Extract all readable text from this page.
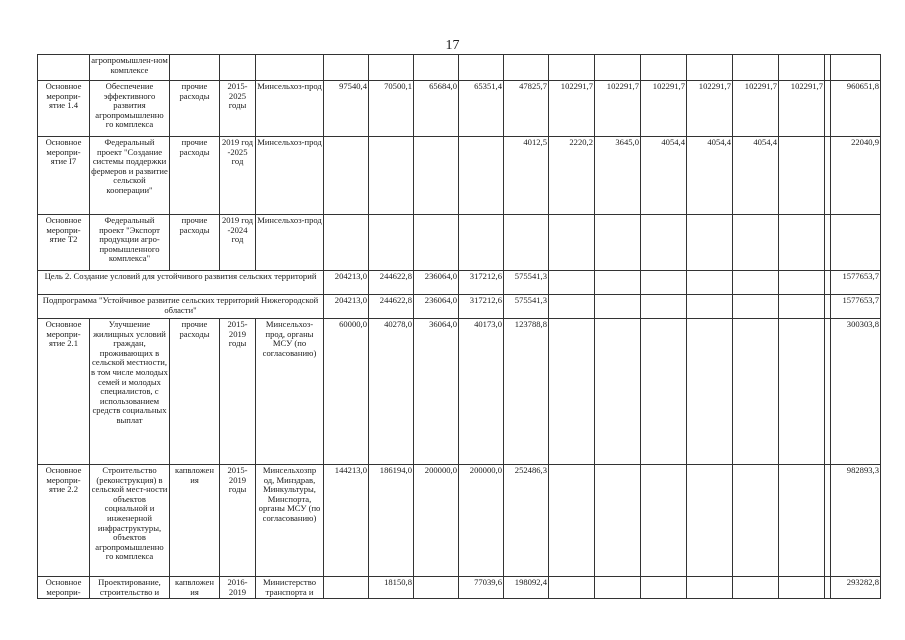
17
	агропромышлен-ном комплексе																
Основное меропри-ятие 1.4	Обеспечение эффективного развития агропромышленно го комплекса	прочие расходы	2015-2025 годы	Минсельхоз-прод	97540,4	70500,1	65684,0	65351,4	47825,7	102291,7	102291,7	102291,7	102291,7	102291,7	102291,7		960651,8
Основное меропри-ятие I7	Федеральный проект "Создание системы поддержки фермеров и развитие сельской кооперации"	прочие расходы	2019 год -2025 год	Минсельхоз-прод					4012,5	2220,2	3645,0	4054,4	4054,4	4054,4			22040,9
Основное меропри-ятие T2	Федеральный проект "Экспорт продукции агро-промышленного комплекса"	прочие расходы	2019 год -2024 год	Минсельхоз-прод													
Цель 2. Создание условий для устойчивого развития сельских территорий					204213,0	244622,8	236064,0	317212,6	575541,3								1577653,7
Подпрограмма "Устойчивое развитие сельских территорий Нижегородской области"					204213,0	244622,8	236064,0	317212,6	575541,3								1577653,7
Основное меропри-ятие 2.1	Улучшение жилищных условий граждан, проживающих в сельской местности, в том числе молодых семей и молодых специалистов, с использованием средств социальных выплат	прочие расходы	2015-2019 годы	Минсельхоз-прод, органы МСУ (по согласованию)	60000,0	40278,0	36064,0	40173,0	123788,8								300303,8
Основное меропри-ятие 2.2	Строительство (реконструкция) в сельской мест-ности объектов социальной и инженерной инфраструктуры, объектов агропромышленно го комплекса	капвложен ия	2015-2019 годы	Минсельхозпр од, Минздрав, Минкультуры, Минспорта, органы МСУ (по согласованию)	144213,0	186194,0	200000,0	200000,0	252486,3								982893,3
Основное меропри-	Проектирование, строительство и	капвложен ия	2016-2019	Министерство транспорта и		18150,8		77039,6	198092,4								293282,8
